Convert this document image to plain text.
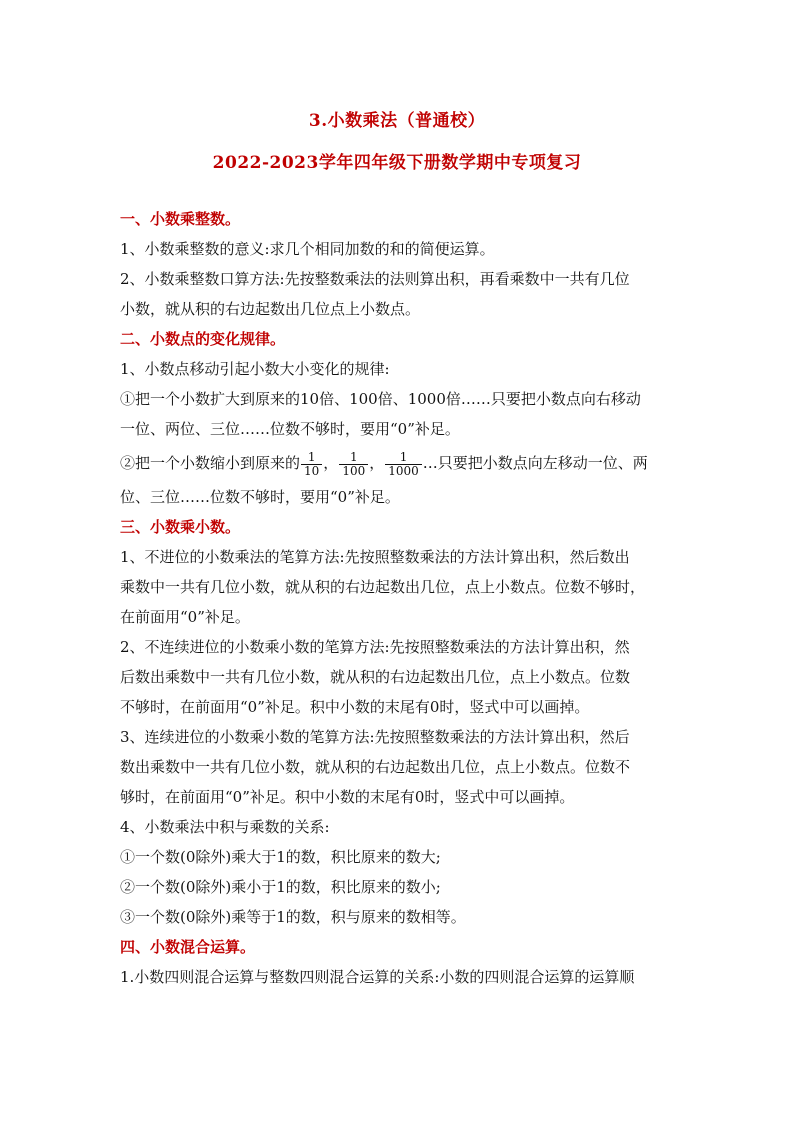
3.小数乘法（普通校）
2022-2023学年四年级下册数学期中专项复习
一、小数乘整数。
1、小数乘整数的意义:求几个相同加数的和的简便运算。
2、小数乘整数口算方法:先按整数乘法的法则算出积，再看乘数中一共有几位
小数，就从积的右边起数出几位点上小数点。
二、小数点的变化规律。
1、小数点移动引起小数大小变化的规律:
①把一个小数扩大到原来的10倍、100倍、1000倍……只要把小数点向右移动
一位、两位、三位……位数不够时，要用“0”补足。
②把一个小数缩小到原来的 $\frac{1}{10}$ ， $\frac{1}{100}$ ， $\frac{1}{1000}$ …只要把小数点向左移动一位、两
位、三位……位数不够时，要用“0”补足。
三、小数乘小数。
1、不进位的小数乘法的笔算方法:先按照整数乘法的方法计算出积，然后数出
乘数中一共有几位小数，就从积的右边起数出几位，点上小数点。位数不够时，
在前面用“0”补足。
2、不连续进位的小数乘小数的笔算方法:先按照整数乘法的方法计算出积，然
后数出乘数中一共有几位小数，就从积的右边起数出几位，点上小数点。位数
不够时，在前面用“0”补足。积中小数的末尾有0时，竖式中可以画掉。
3、连续进位的小数乘小数的笔算方法:先按照整数乘法的方法计算出积，然后
数出乘数中一共有几位小数，就从积的右边起数出几位，点上小数点。位数不
够时，在前面用“0”补足。积中小数的末尾有0时，竖式中可以画掉。
4、小数乘法中积与乘数的关系:
①一个数(0除外)乘大于1的数，积比原来的数大;
②一个数(0除外)乘小于1的数，积比原来的数小;
③一个数(0除外)乘等于1的数，积与原来的数相等。
四、小数混合运算。
1.小数四则混合运算与整数四则混合运算的关系:小数的四则混合运算的运算顺
